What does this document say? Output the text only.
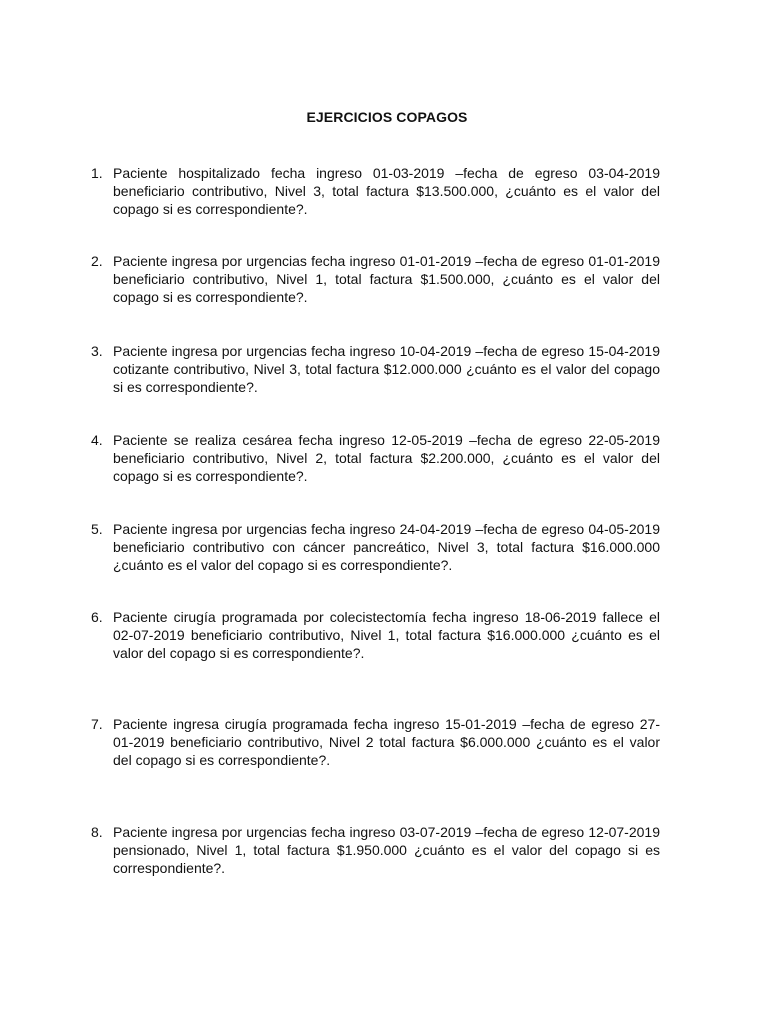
EJERCICIOS COPAGOS
1. Paciente hospitalizado fecha ingreso 01-03-2019 –fecha de egreso 03-04-2019 beneficiario contributivo, Nivel 3, total factura $13.500.000, ¿cuánto es el valor del copago si es correspondiente?.
2. Paciente ingresa por urgencias fecha ingreso 01-01-2019 –fecha de egreso 01-01-2019 beneficiario contributivo, Nivel 1, total factura $1.500.000, ¿cuánto es el valor del copago si es correspondiente?.
3. Paciente ingresa por urgencias fecha ingreso 10-04-2019 –fecha de egreso 15-04-2019 cotizante contributivo, Nivel 3, total factura $12.000.000 ¿cuánto es el valor del copago si es correspondiente?.
4. Paciente se realiza cesárea fecha ingreso 12-05-2019 –fecha de egreso 22-05-2019 beneficiario contributivo, Nivel 2, total factura $2.200.000, ¿cuánto es el valor del copago si es correspondiente?.
5. Paciente ingresa por urgencias fecha ingreso 24-04-2019 –fecha de egreso 04-05-2019 beneficiario contributivo con cáncer pancreático, Nivel 3, total factura $16.000.000 ¿cuánto es el valor del copago si es correspondiente?.
6. Paciente cirugía programada por colecistectomía fecha ingreso 18-06-2019 fallece el 02-07-2019 beneficiario contributivo, Nivel 1, total factura $16.000.000 ¿cuánto es el valor del copago si es correspondiente?.
7. Paciente ingresa cirugía programada fecha ingreso 15-01-2019 –fecha de egreso 27-01-2019 beneficiario contributivo, Nivel 2 total factura $6.000.000 ¿cuánto es el valor del copago si es correspondiente?.
8. Paciente ingresa por urgencias fecha ingreso 03-07-2019 –fecha de egreso 12-07-2019 pensionado, Nivel 1, total factura $1.950.000 ¿cuánto es el valor del copago si es correspondiente?.
